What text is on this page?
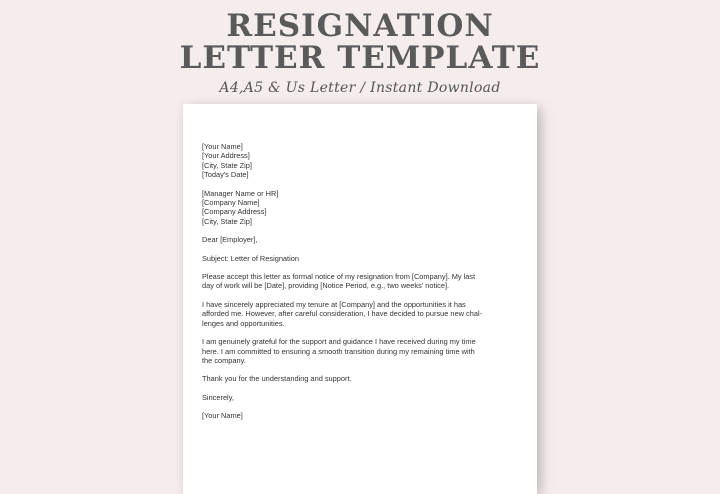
RESIGNATION
LETTER TEMPLATE
A4,A5 & Us Letter / Instant Download
[Your Name]
[Your Address]
[City, State Zip]
[Today's Date]
[Manager Name or HR]
[Company Name]
[Company Address]
[City, State Zip]
Dear [Employer],
Subject: Letter of Resignation
Please accept this letter as formal notice of my resignation from [Company]. My last
day of work will be [Date], providing [Notice Period, e.g., two weeks' notice].
I have sincerely appreciated my tenure at [Company] and the opportunities it has
afforded me. However, after careful consideration, I have decided to pursue new chal-
lenges and opportunities.
I am genuinely grateful for the support and guidance I have received during my time
here. I am committed to ensuring a smooth transition during my remaining time with
the company.
Thank you for the understanding and support.
Sincerely,
[Your Name]
